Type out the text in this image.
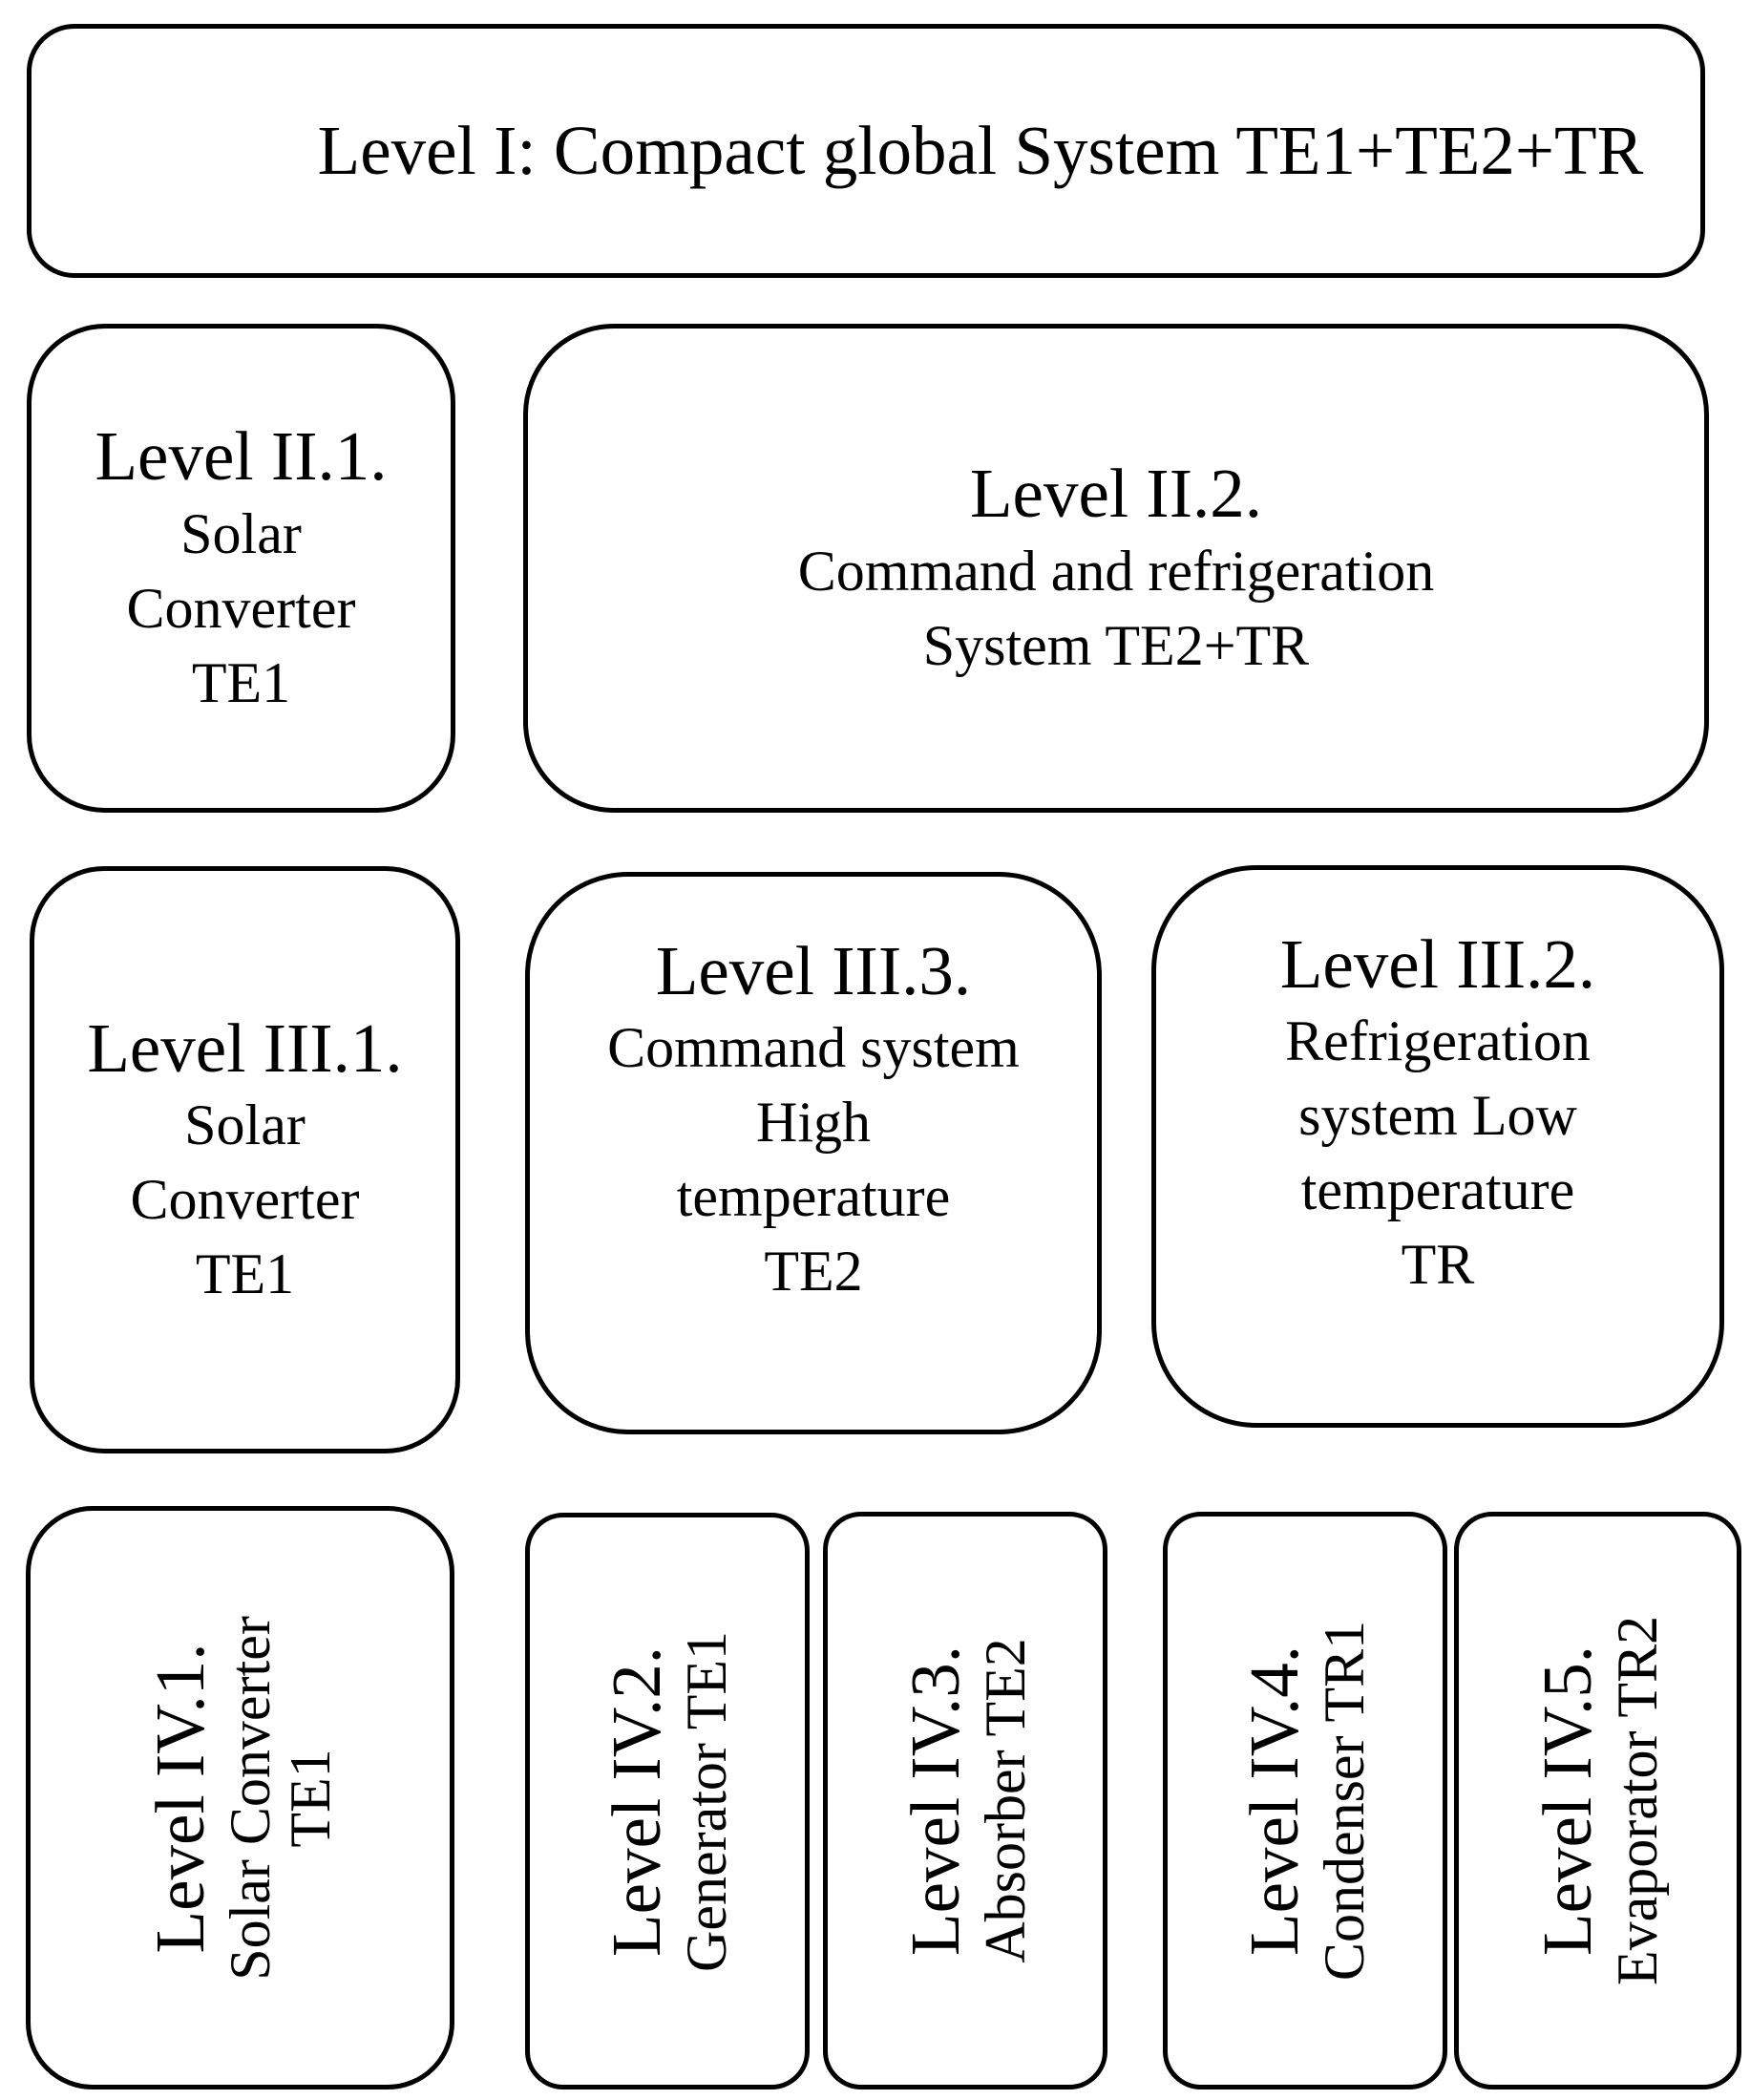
Level I: Compact global System TE1+TE2+TR
Level II.1.
Solar
Converter
TE1
Level II.2.
Command and refrigeration
System TE2+TR
Level III.1.
Solar
Converter
TE1
Level III.3.
Command system
High
temperature
TE2
Level III.2.
Refrigeration
system Low
temperature
TR
Level IV.1. Solar Converter
TE1	Level IV.2. Generator TE1 Level IV.3. Absorber TE2	Level IV.4. Condenser TR1 Level IV.5. Evaporator TR2
